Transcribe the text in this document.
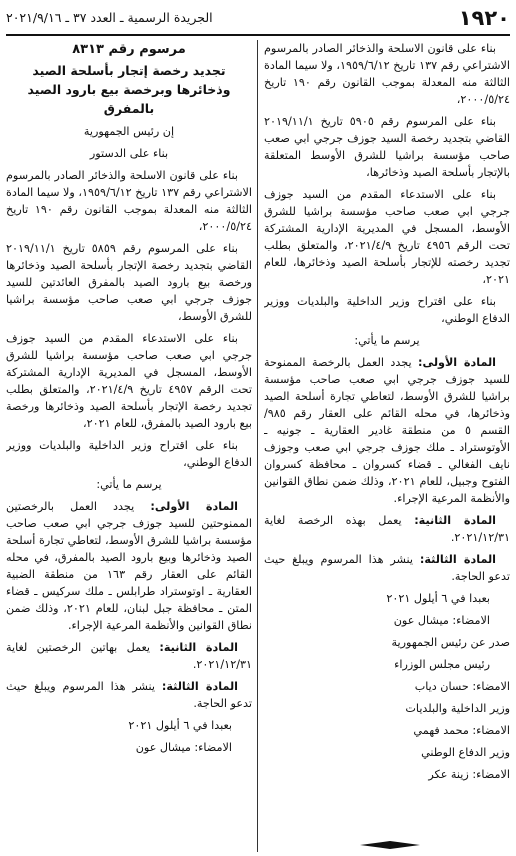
١٩٢٠
الجريدة الرسمية ـ العدد ٣٧ ـ ٢٠٢١/٩/١٦

بناء على قانون الاسلحة والذخائر الصادر بالمرسوم الاشتراعي رقم ١٣٧ تاريخ ١٩٥٩/٦/١٢، ولا سيما المادة الثالثة منه المعدلة بموجب القانون رقم ١٩٠ تاريخ ٢٠٠٠/٥/٢٤،

بناء على المرسوم رقم ٥٩٠٥ تاريخ ٢٠١٩/١١/١ القاضي بتجديد رخصة السيد جوزف جرجي ابي صعب صاحب مؤسسة براشيا للشرق الأوسط المتعلقة بالإتجار بأسلحة الصيد وذخائرها،

بناء على الاستدعاء المقدم من السيد جوزف جرجي ابي صعب صاحب مؤسسة براشيا للشرق الأوسط، المسجل في المديرية الإدارية المشتركة تحت الرقم ٤٩٥٦ تاريخ ٢٠٢١/٤/٩، والمتعلق بطلب تجديد رخصته للإتجار بأسلحة الصيد وذخائرها، للعام ٢٠٢١،

بناء على اقتراح وزير الداخلية والبلديات ووزير الدفاع الوطني،

يرسم ما يأتي:

المادة الأولى: يجدد العمل بالرخصة الممنوحة للسيد جوزف جرجي ابي صعب صاحب مؤسسة براشيا للشرق الأوسط، لتعاطي تجارة أسلحة الصيد وذخائرها، في محله القائم على العقار رقم ٩٨٥/القسم ٥ من منطقة غادير العقارية ـ جونيه ـ الأوتوستراد ـ ملك جوزف جرجي ابي صعب وجوزف نايف الفغالي ـ قضاء كسروان ـ محافظة كسروان الفتوح وجبيل، للعام ٢٠٢١، وذلك ضمن نطاق القوانين والأنظمة المرعية الإجراء.

المادة الثانية: يعمل بهذه الرخصة لغاية ٢٠٢١/١٢/٣١.

المادة الثالثة: ينشر هذا المرسوم ويبلغ حيث تدعو الحاجة.

بعبدا في ٦ أيلول ٢٠٢١
الامضاء: ميشال عون
صدر عن رئيس الجمهورية
رئيس مجلس الوزراء
الامضاء: حسان دياب
وزير الداخلية والبلديات
الامضاء: محمد فهمي
وزير الدفاع الوطني
الامضاء: زينة عكر
مرسوم رقم ٨٣١٣
تجديد رخصة إتجار بأسلحة الصيد وذخائرها وبرخصة بيع بارود الصيد بالمفرق

إن رئيس الجمهورية

بناء على الدستور

بناء على قانون الاسلحة والذخائر الصادر بالمرسوم الاشتراعي رقم ١٣٧ تاريخ ١٩٥٩/٦/١٢، ولا سيما المادة الثالثة منه المعدلة بموجب القانون رقم ١٩٠ تاريخ ٢٠٠٠/٥/٢٤،

بناء على المرسوم رقم ٥٨٥٩ تاريخ ٢٠١٩/١١/١ القاضي بتجديد رخصة الإتجار بأسلحة الصيد وذخائرها ورخصة بيع بارود الصيد بالمفرق العائدتين للسيد جوزف جرجي ابي صعب صاحب مؤسسة براشيا للشرق الأوسط،

بناء على الاستدعاء المقدم من السيد جوزف جرجي ابي صعب صاحب مؤسسة براشيا للشرق الأوسط، المسجل في المديرية الإدارية المشتركة تحت الرقم ٤٩٥٧ تاريخ ٢٠٢١/٤/٩، والمتعلق بطلب تجديد رخصة الإتجار بأسلحة الصيد وذخائرها ورخصة بيع بارود الصيد بالمفرق، للعام ٢٠٢١،

بناء على اقتراح وزير الداخلية والبلديات ووزير الدفاع الوطني،

يرسم ما يأتي:

المادة الأولى: يجدد العمل بالرخصتين الممنوحتين للسيد جوزف جرجي ابي صعب صاحب مؤسسة براشيا للشرق الأوسط، لتعاطي تجارة أسلحة الصيد وذخائرها وبيع بارود الصيد بالمفرق، في محله القائم على العقار رقم ١٦٣ من منطقة الضبية العقارية ـ اوتوستراد طرابلس ـ ملك سركيس ـ قضاء المتن ـ محافظة جبل لبنان، للعام ٢٠٢١، وذلك ضمن نطاق القوانين والأنظمة المرعية الإجراء.

المادة الثانية: يعمل بهاتين الرخصتين لغاية ٢٠٢١/١٢/٣١.

المادة الثالثة: ينشر هذا المرسوم ويبلغ حيث تدعو الحاجة.

بعبدا في ٦ أيلول ٢٠٢١
الامضاء: ميشال عون
